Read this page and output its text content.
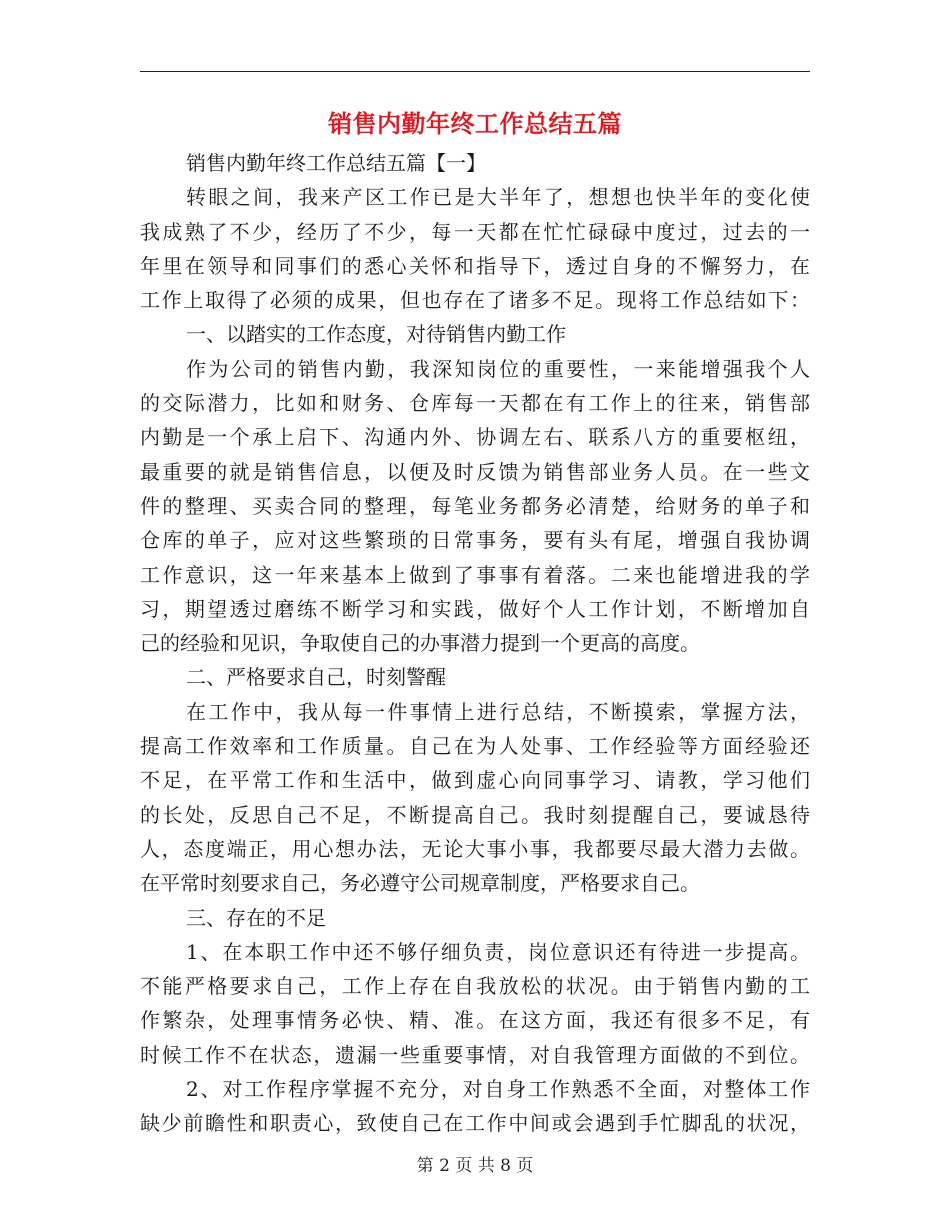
销售内勤年终工作总结五篇
销售内勤年终工作总结五篇【一】
转眼之间，我来产区工作已是大半年了，想想也快半年的变化使
我成熟了不少，经历了不少，每一天都在忙忙碌碌中度过，过去的一
年里在领导和同事们的悉心关怀和指导下，透过自身的不懈努力，在
工作上取得了必须的成果，但也存在了诸多不足。现将工作总结如下：
一、以踏实的工作态度，对待销售内勤工作
作为公司的销售内勤，我深知岗位的重要性，一来能增强我个人
的交际潜力，比如和财务、仓库每一天都在有工作上的往来，销售部
内勤是一个承上启下、沟通内外、协调左右、联系八方的重要枢纽，
最重要的就是销售信息，以便及时反馈为销售部业务人员。在一些文
件的整理、买卖合同的整理，每笔业务都务必清楚，给财务的单子和
仓库的单子，应对这些繁琐的日常事务，要有头有尾，增强自我协调
工作意识，这一年来基本上做到了事事有着落。二来也能增进我的学
习，期望透过磨练不断学习和实践，做好个人工作计划，不断增加自
己的经验和见识，争取使自己的办事潜力提到一个更高的高度。
二、严格要求自己，时刻警醒
在工作中，我从每一件事情上进行总结，不断摸索，掌握方法，
提高工作效率和工作质量。自己在为人处事、工作经验等方面经验还
不足，在平常工作和生活中，做到虚心向同事学习、请教，学习他们
的长处，反思自己不足，不断提高自己。我时刻提醒自己，要诚恳待
人，态度端正，用心想办法，无论大事小事，我都要尽最大潜力去做。
在平常时刻要求自己，务必遵守公司规章制度，严格要求自己。
三、存在的不足
1、在本职工作中还不够仔细负责，岗位意识还有待进一步提高。
不能严格要求自己，工作上存在自我放松的状况。由于销售内勤的工
作繁杂，处理事情务必快、精、准。在这方面，我还有很多不足，有
时候工作不在状态，遗漏一些重要事情，对自我管理方面做的不到位。
2、对工作程序掌握不充分，对自身工作熟悉不全面，对整体工作
缺少前瞻性和职责心，致使自己在工作中间或会遇到手忙脚乱的状况，
第 2 页 共 8 页
